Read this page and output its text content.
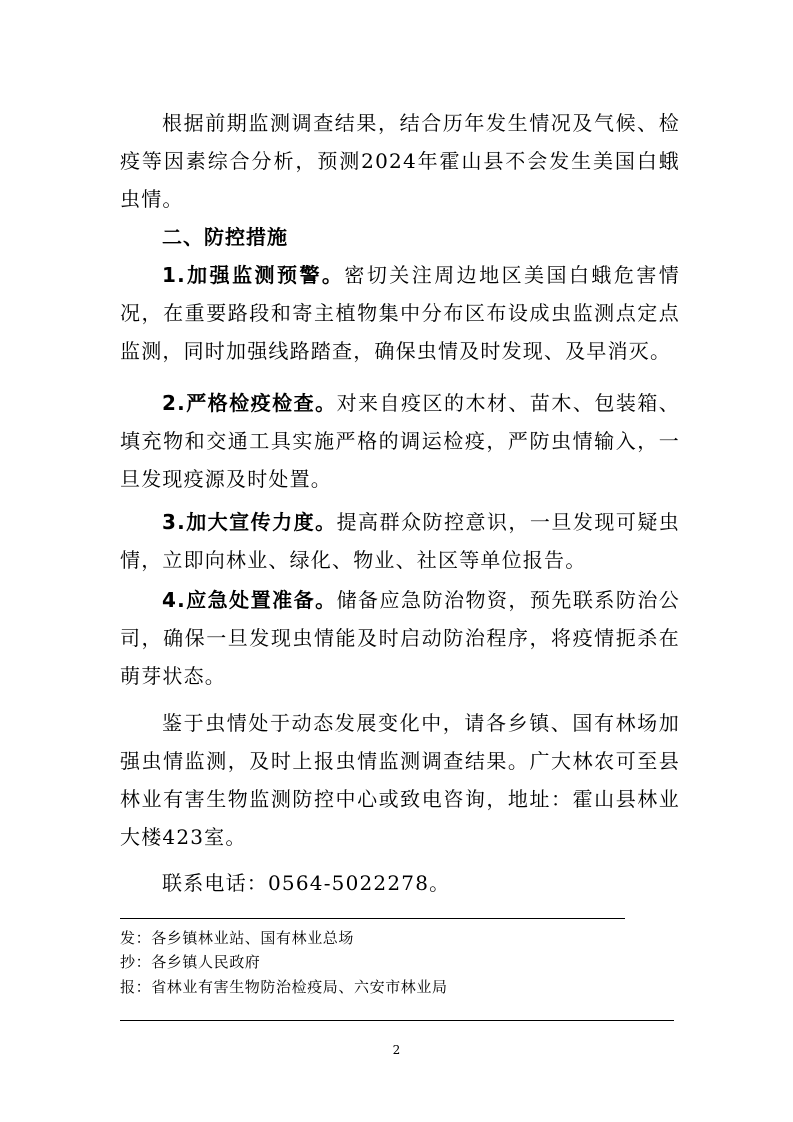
根据前期监测调查结果，结合历年发生情况及气候、检疫等因素综合分析，预测2024年霍山县不会发生美国白蛾虫情。

二、防控措施

1.加强监测预警。密切关注周边地区美国白蛾危害情况，在重要路段和寄主植物集中分布区布设成虫监测点定点监测，同时加强线路踏查，确保虫情及时发现、及早消灭。

2.严格检疫检查。对来自疫区的木材、苗木、包装箱、填充物和交通工具实施严格的调运检疫，严防虫情输入，一旦发现疫源及时处置。

3.加大宣传力度。提高群众防控意识，一旦发现可疑虫情，立即向林业、绿化、物业、社区等单位报告。

4.应急处置准备。储备应急防治物资，预先联系防治公司，确保一旦发现虫情能及时启动防治程序，将疫情扼杀在萌芽状态。

鉴于虫情处于动态发展变化中，请各乡镇、国有林场加强虫情监测，及时上报虫情监测调查结果。广大林农可至县林业有害生物监测防控中心或致电咨询，地址：霍山县林业大楼423室。

联系电话：0564-5022278。

发：各乡镇林业站、国有林业总场

抄：各乡镇人民政府

报：省林业有害生物防治检疫局、六安市林业局

2
